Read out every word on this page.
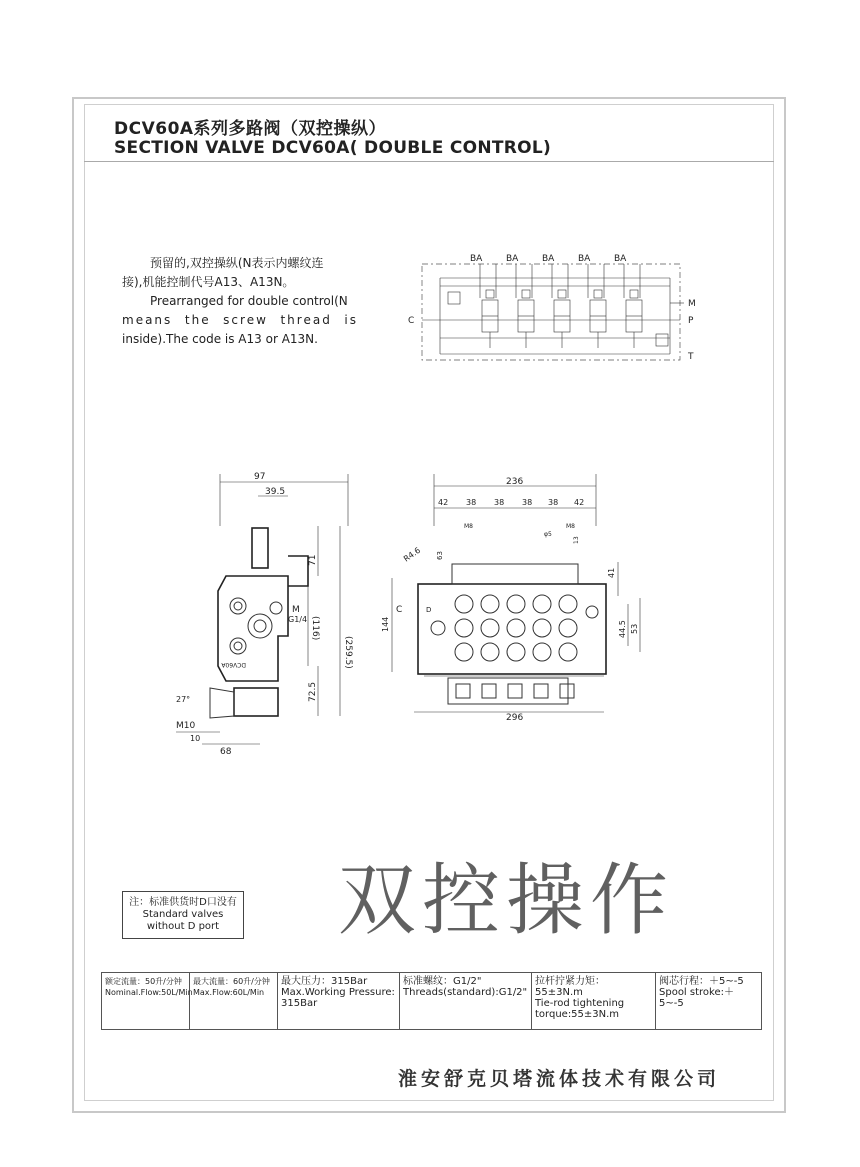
DCV60A系列多路阀（双控操纵）
SECTION VALVE DCV60A( DOUBLE CONTROL)

预留的,双控操纵(N表示内螺纹连

接),机能控制代号A13、A13N。

Prearranged for double control(N

means the screw thread is

inside).The code is A13 or A13N.

BA	BA	BA	BA	BA
C
M
P
T
97
39.5
71
(259.5)
(116)
72.5
M
G1/4
DCV60A
27°
M10
10
68
236
42 38 38 38 38 42
M8	M8
φ5
13
63
R4.6
41
144	44.5 53
C	D
296
双控操作
注：标准供货时D口没有
Standard valves
without D port
额定流量：50升/分钟
Nominal.Flow:50L/Min
最大流量：60升/分钟
Max.Flow:60L/Min
最大压力：315Bar
Max.Working Pressure:
315Bar
标准螺纹：G1/2"
Threads(standard):G1/2"
拉杆拧紧力矩：55±3N.m
Tie-rod tightening
torque:55±3N.m
阀芯行程：＋5~-5
Spool stroke:＋5~-5
淮安舒克贝塔流体技术有限公司
